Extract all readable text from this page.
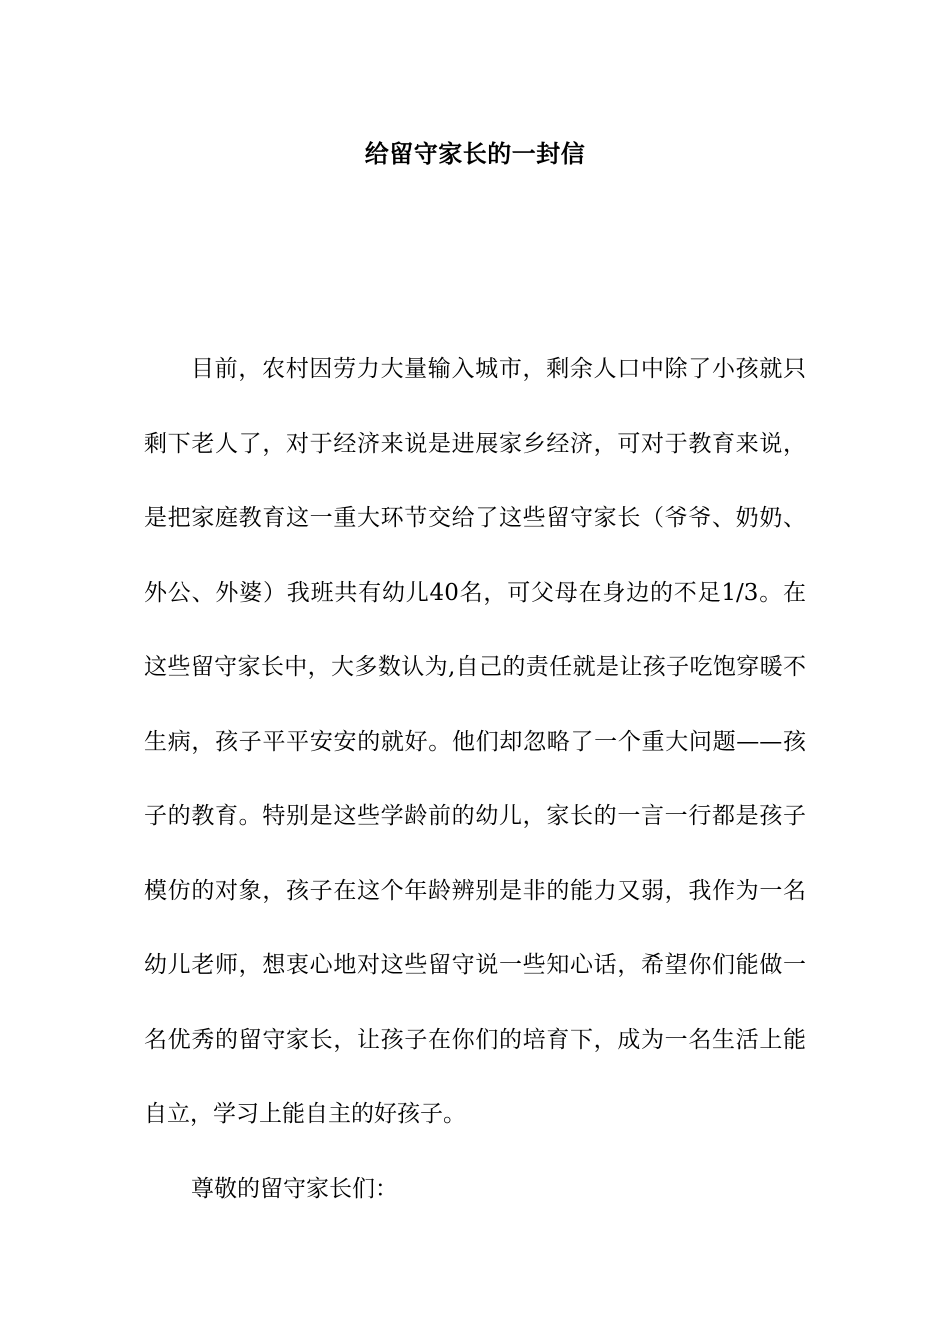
给留守家长的一封信

目前，农村因劳力大量输入城市，剩余人口中除了小孩就只剩下老人了，对于经济来说是进展家乡经济，可对于教育来说，是把家庭教育这一重大环节交给了这些留守家长（爷爷、奶奶、外公、外婆）我班共有幼儿40名，可父母在身边的不足1/3。在这些留守家长中，大多数认为,自己的责任就是让孩子吃饱穿暖不生病，孩子平平安安的就好。他们却忽略了一个重大问题——孩子的教育。特别是这些学龄前的幼儿，家长的一言一行都是孩子模仿的对象，孩子在这个年龄辨别是非的能力又弱，我作为一名幼儿老师，想衷心地对这些留守说一些知心话，希望你们能做一名优秀的留守家长，让孩子在你们的培育下，成为一名生活上能自立，学习上能自主的好孩子。

尊敬的留守家长们：
